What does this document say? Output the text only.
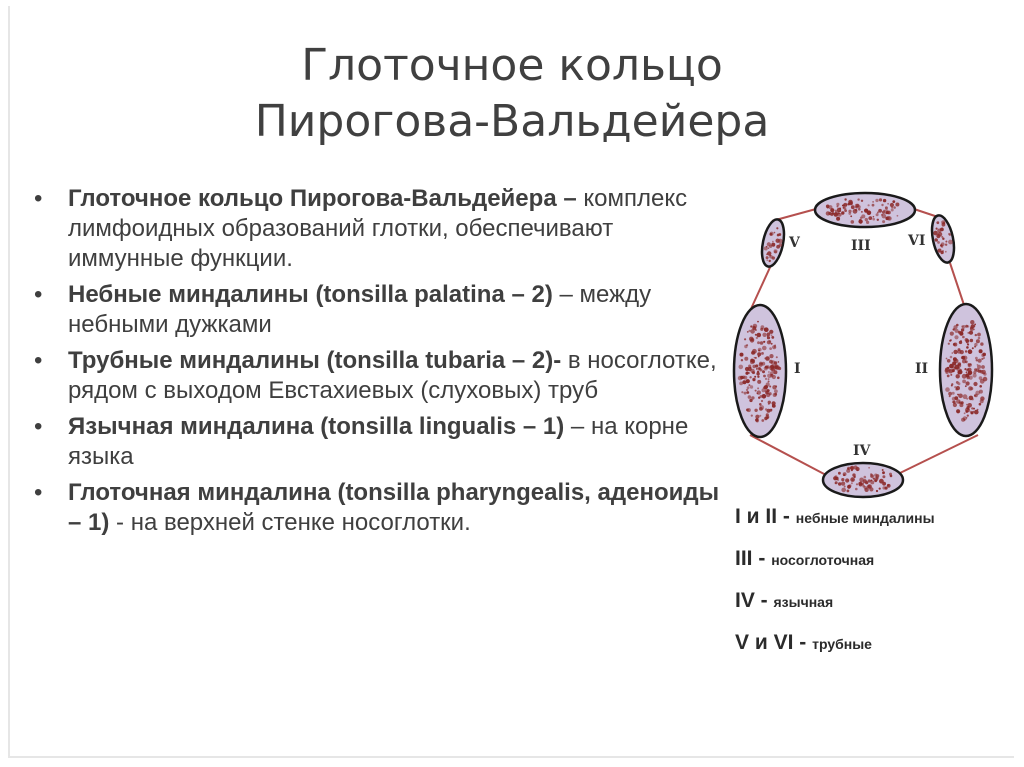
Глоточное кольцо
Пирогова-Вальдейера
• Глоточное кольцо Пирогова-Вальдейера – комплекс лимфоидных образований глотки, обеспечивают иммунные функции.
• Небные миндалины (tonsilla palatina – 2) – между небными дужками
• Трубные миндалины (tonsilla tubaria – 2)- в носоглотке, рядом с выходом Евстахиевых (слуховых) труб
• Язычная миндалина (tonsilla lingualis – 1) – на корне языка
• Глоточная миндалина (tonsilla pharyngealis, аденоиды – 1) - на верхней стенке носоглотки.
III
V	VI
I	II
IV
I и II - небные миндалины
III - носоглоточная
IV - язычная
V и VI - трубные
